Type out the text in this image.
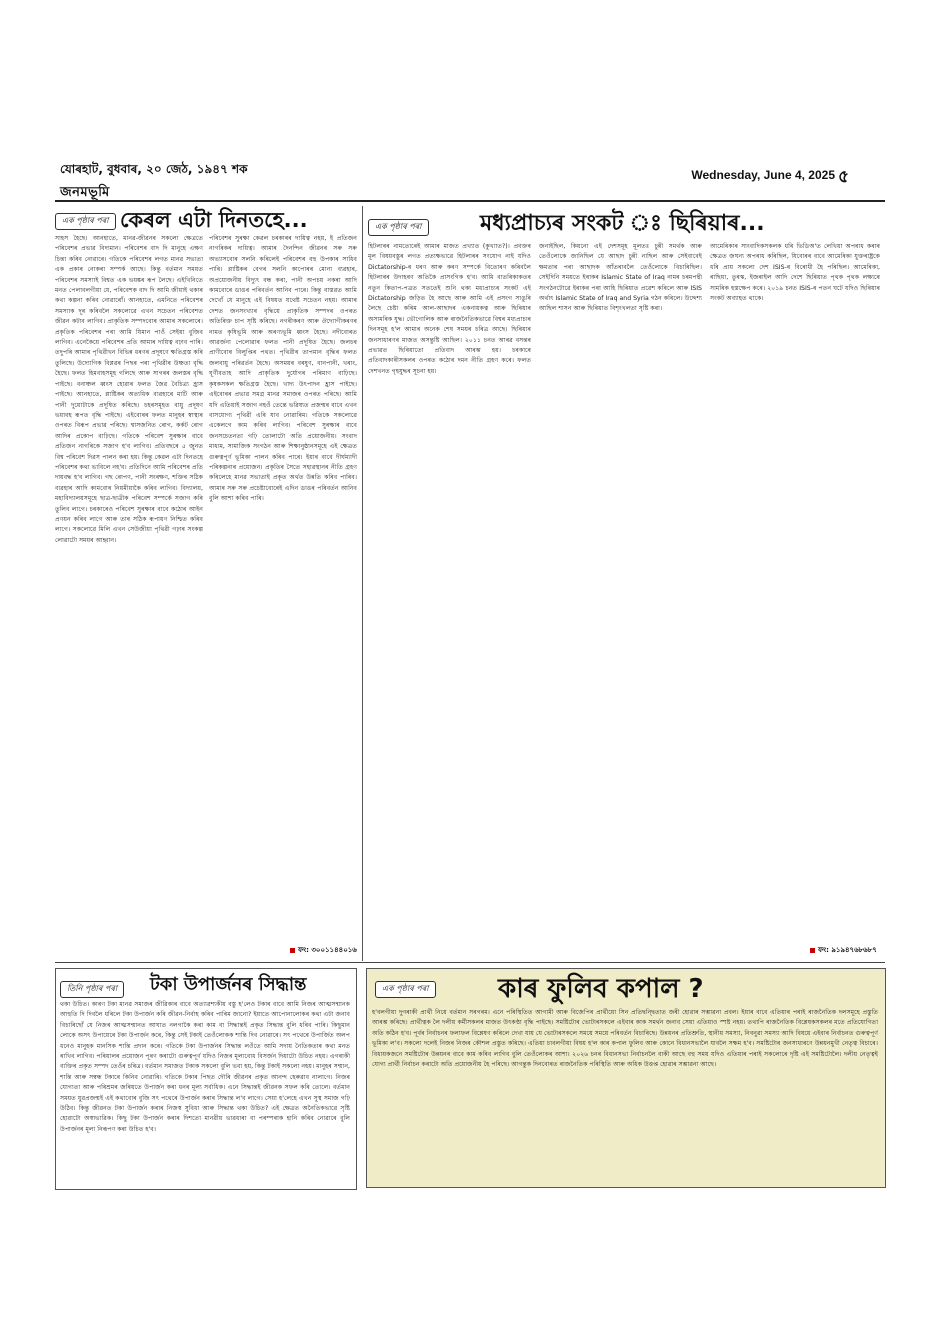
যোৰহাট, বুধবাৰ, ২০ জেঠ, ১৯৪৭ শক
জনমভূমি
Wednesday, June 4, 2025 ৫
এক পৃষ্ঠাৰ পৰা কেৰল এটা দিনতহে...
সাহস হৈছে। আনহাতে, মানৱ-জীৱনৰ সকলো ক্ষেত্ৰতে পৰিবেশৰ প্ৰভাৱ বিদ্যমান। পৰিবেশৰ বাদ দি মানুহে এক্ষণ চিন্তা কৰিব নোৱাৰে। গতিকে পৰিবেশৰ লগত মানৱ সভ্যতা এক প্ৰকাৰ নোকৰা সম্পৰ্ক আছে। কিন্তু বৰ্তমান সময়ত পৰিবেশৰ সমস্যাই বিশ্বত এক ভয়ঙ্কৰ ৰূপ লৈছে। এইখিনিতে মনত পেলাবলগীয়া যে, পৰিবেশক বাদ দি আমি জীয়াই থকাৰ কথা কল্পনা কৰিব নোৱাৰোঁ। আনহাতে, এমনিতে পৰিবেশৰ সমস্যাক দূৰ কৰিবলৈ সকলোৱে এখন সচেতন পৰিবেশত জীৱন কটাব লাগিব। প্ৰাকৃতিক সম্পদবোৰ আমাৰ সকলোৰে। প্ৰকৃতিক পৰিবেশৰ পৰা আমি যিমান পাওঁ সেইয়া বুজিব লাগিব। এনেকৈয়ে পৰিবেশৰ প্ৰতি আমাৰ দায়িত্ব বঢ়াব পাৰি। তদুপৰি আমাৰ পৃথিৱীখন বিভিন্ন ধৰণৰ প্ৰদূষণে ক্ষতিগ্ৰস্ত কৰি তুলিছে। উদ্যোগিক বিপ্লৱৰ পিছৰ পৰা পৃথিৱীৰ উষ্ণতা বৃদ্ধি হৈছে। ফলত হিমবাহসমূহ গলিছে আৰু সাগৰৰ জলস্তৰ বৃদ্ধি পাইছে। বনাঞ্চল ধ্বংস হোৱাৰ ফলত জৈৱ বৈচিত্ৰ্য হ্ৰাস পাইছে। আনহাতে, প্লাষ্টিকৰ অত্যধিক ব্যৱহাৰে মাটি আৰু পানী দুয়োটাকে প্ৰদূষিত কৰিছে। চহৰসমূহত বায়ু প্ৰদূষণ ভয়াবহ ৰূপত বৃদ্ধি পাইছে। এইবোৰৰ ফলত মানুহৰ স্বাস্থ্যৰ ওপৰত বিৰূপ প্ৰভাৱ পৰিছে। শ্বাসজনিত ৰোগ, কৰ্কট ৰোগ আদিৰ প্ৰকোপ বাঢ়িছে। গতিকে পৰিবেশ সুৰক্ষাৰ বাবে প্ৰতিজন নাগৰিকে সজাগ হ'ব লাগিব। প্ৰতিবছৰে ৫ জুনত বিশ্ব পৰিবেশ দিৱস পালন কৰা হয়। কিন্তু কেৱল এটা দিনতহে পৰিবেশৰ কথা ভাবিলে নহ'ব। প্ৰতিদিনে আমি পৰিবেশৰ প্ৰতি দায়বদ্ধ হ'ব লাগিব। গছ ৰোপণ, পানী সংৰক্ষণ, শক্তিৰ সঠিক ব্যৱহাৰ আদি কামবোৰ নিয়মীয়াকৈ কৰিব লাগিব। বিদ্যালয়, মহাবিদ্যালয়সমূহে ছাত্ৰ-ছাত্ৰীক পৰিবেশ সম্পৰ্কে সজাগ কৰি তুলিব লাগে। চৰকাৰেও পৰিবেশ সুৰক্ষাৰ বাবে কঠোৰ আইন প্ৰণয়ন কৰিব লাগে আৰু তাৰ সঠিক ৰূপায়ণ নিশ্চিত কৰিব লাগে। সকলোৱে মিলি এখন সেউজীয়া পৃথিৱী গঢ়াৰ সংকল্প লোৱাটো সময়ৰ আহ্বান।
পৰিবেশৰ সুৰক্ষা কেৱল চৰকাৰৰ দায়িত্ব নহয়, ই প্ৰতিজন নাগৰিকৰ দায়িত্ব। আমাৰ দৈনন্দিন জীৱনৰ সৰু সৰু অভ্যাসবোৰ সলনি কৰিলেই পৰিবেশৰ বহু উপকাৰ সাধিব পাৰি। প্লাষ্টিকৰ বেগৰ সলনি কাপোৰৰ মোনা ব্যৱহাৰ, অপ্ৰয়োজনীয় বিদ্যুৎ বন্ধ কৰা, পানী অপচয় নকৰা আদি কামবোৰে ডাঙৰ পৰিবৰ্তন আনিব পাৰে। কিন্তু বাস্তৱত আমি দেখোঁ যে মানুহে এই বিষয়ত যথেষ্ট সচেতন নহয়। আমাৰ দেশত জনসংখ্যাৰ বৃদ্ধিয়ে প্ৰাকৃতিক সম্পদৰ ওপৰত অতিৰিক্ত চাপ সৃষ্টি কৰিছে। নগৰীকৰণ আৰু ঔদ্যোগীকৰণৰ নামত কৃষিভূমি আৰু অৰণ্যভূমি ধ্বংস হৈছে। নদীবোৰত আৱৰ্জনা পেলোৱাৰ ফলত পানী প্ৰদূষিত হৈছে। জলচৰ প্ৰাণীবোৰ বিলুপ্তিৰ পথত। পৃথিৱীৰ তাপমান বৃদ্ধিৰ ফলত জলবায়ু পৰিৱৰ্তন হৈছে। অসময়ৰ বৰষুণ, বানপানী, খৰাং, ঘূৰ্ণীবতাহ আদি প্ৰাকৃতিক দুৰ্যোগৰ পৰিমাণ বাঢ়িছে। কৃষকসকল ক্ষতিগ্ৰস্ত হৈছে। খাদ্য উৎপাদন হ্ৰাস পাইছে। এইবোৰৰ প্ৰভাৱ সমগ্ৰ মানৱ সমাজৰ ওপৰত পৰিছে। আমি যদি এতিয়াই সজাগ নহওঁ তেন্তে ভৱিষ্যত প্ৰজন্মৰ বাবে এখন বাসযোগ্য পৃথিৱী এৰি যাব নোৱাৰিম। গতিকে সকলোৱে একেলগে কাম কৰিব লাগিব। পৰিবেশ সুৰক্ষাৰ বাবে জনসচেতনতা গঢ়ি তোলাটো অতি প্ৰয়োজনীয়। সংবাদ মাধ্যম, সামাজিক সংগঠন আৰু শিক্ষানুষ্ঠানসমূহে এই ক্ষেত্ৰত গুৰুত্বপূৰ্ণ ভূমিকা পালন কৰিব পাৰে। ইয়াৰ বাবে দীৰ্ঘম্যাদী পৰিকল্পনাৰ প্ৰয়োজন। প্ৰকৃতিৰ সৈতে সহাৱস্থানৰ নীতি গ্ৰহণ কৰিলেহে মানৱ সভ্যতাই প্ৰকৃত অৰ্থত উন্নতি কৰিব পাৰিব। আমাৰ সৰু সৰু প্ৰচেষ্টাবোৰেই এদিন ডাঙৰ পৰিবৰ্তন আনিব বুলি আশা কৰিব পাৰি।
ফং: ৩০০১১৪৪০১৬
এক পৃষ্ঠাৰ পৰা	মধ্যপ্ৰাচ্যৰ সংকট ঃ ছিৰিয়াৰ...
হিটলাৰৰ নামতোৰেই আমাৰ মাজত প্ৰখ্যাত (কুখ্যাত?)। প্ৰবক্তৰ মূল বিষয়বস্তুৰ লগত প্ৰত্যক্ষভাৱে হিটলাৰৰ সংযোগ নাই যদিও Dictatorship-ৰ ধৰণ আৰু কৰণ সম্পৰ্কে বিতোৰণ কৰিবলৈ হিটলাৰৰ উদাহৰণ অতিকৈ প্ৰাসংগিক হ'ব। আমি বাতৰিকাকতৰ নতুন কিতাপ-পত্ৰত সততেই শুনি থকা মধ্যপ্ৰাচ্যৰ সংকট এই Dictatorship জড়িত হৈ আছে আৰু আমি এই প্ৰসংগ সাঙুৰি লৈছে চেষ্টা কৰিম আল-আছাদৰ একনায়কত্ব আৰু ছিৰিয়াৰ অসামৰিক যুদ্ধ। ভৌগোলিক আৰু ৰাজনৈতিকভাৱে বিশ্বৰ মধ্যপ্ৰাচ্যৰ দিনসমূহ হ'ল আমাৰ অনেক শেষ সময়ৰ চৰিত্ৰ আছে। ছিৰিয়াৰ জনসাধাৰণৰ মাজত অসন্তুষ্টি আছিল। ২০১১ চনত আৰৱ বসন্তৰ প্ৰভাৱত ছিৰিয়াতো প্ৰতিবাদ আৰম্ভ হয়। চৰকাৰে প্ৰতিবাদকাৰীসকলৰ ওপৰত কঠোৰ দমন নীতি গ্ৰহণ কৰে। ফলত দেশখনত গৃহযুদ্ধৰ সূচনা হয়।
জনাইছিল, কিয়নো এই দেশসমূহ মূলতঃ চুন্নী সমৰ্থক আৰু তেওঁলোকে জানিছিল যে আছাদ চুন্নী নাছিল আৰু সেইবাবেই ক্ষমতাৰ পৰা আছাদক আঁতৰাবলৈ তেওঁলোকে বিচাৰিছিল। সেইদিনি সময়তে ইৰাকৰ Islamic State of Iraq নামৰ চৰমপন্থী সংগঠনটোৱে ইৰাকৰ পৰা আহি ছিৰিয়াত প্ৰৱেশ কৰিলে আৰু ISIS অৰ্থাৎ Islamic State of Iraq and Syria গঠন কৰিলে। উদ্দেশ্য আছিল শাসন আৰু ছিৰিয়াত বিশৃংখলতা সৃষ্টি কৰা।
আমেৰিকাৰ সাংবাদিকসকলক ধৰি ভিডিঅ'ত লেখিয়া অপৰাধ কৰাৰ ক্ষেত্ৰত জঘন্য অপৰাধ কৰিছিল, যিবোৰৰ বাবে আমেৰিকা যুক্তৰাষ্ট্ৰকে ধৰি প্ৰায় সকলো দেশ ISIS-ৰ বিৰোধী হৈ পৰিছিল। আমেৰিকা, ৰাছিয়া, তুৰস্ক, ইজৰাইল আদি দেশে ছিৰিয়াত পৃথক পৃথক লক্ষ্যৰে সামৰিক হস্তক্ষেপ কৰে। ২০১৯ চনত ISIS-ৰ পতন ঘটে যদিও ছিৰিয়াৰ সংকট অব্যাহত থাকে।
ফং: ৯১৯৪৭৬৮৬৮৭
তিনি পৃষ্ঠাৰ পৰা	টকা উপাৰ্জনৰ সিদ্ধান্ত
থকা উচিত। কাৰণ টকা মানৱ সমাজৰ জীৱিকাৰ বাবে অত্যাৱশ্যকীয় বস্তু হ'লেও টকাৰ বাবে আমি নিজৰ আত্মসন্মানক আহুতি দি দিবলৈ ধৰিলে টকা উপাৰ্জন কৰি জীৱন-নিৰ্বাহ কৰিব পাৰিম জানো? ইয়াতে আপোনালোকৰ কথা এটা জনাব বিচাৰিছোঁ যে নিজৰ আত্মসন্মানত আঘাত নলগাকৈ কৰা কাম বা সিদ্ধান্তই প্ৰকৃত সিদ্ধান্ত বুলি ধৰিব পাৰি। কিছুমান লোকে অসৎ উপায়েৰে টকা উপাৰ্জন কৰে, কিন্তু সেই টকাই তেওঁলোকক শান্তি দিব নোৱাৰে। সৎ পথেৰে উপাৰ্জিত অলপ ধনেও মানুহক মানসিক শান্তি প্ৰদান কৰে। গতিকে টকা উপাৰ্জনৰ সিদ্ধান্ত লওঁতে আমি সদায় নৈতিকতাৰ কথা মনত ৰাখিব লাগিব। পৰিয়ালৰ প্ৰয়োজন পূৰণ কৰাটো গুৰুত্বপূৰ্ণ যদিও নিজৰ মূল্যবোধ বিসৰ্জন দিয়াটো উচিত নহয়। এগৰাকী ব্যক্তিৰ প্ৰকৃত সম্পদ তেওঁৰ চৰিত্ৰ। বৰ্তমান সমাজত টকাক সকলো বুলি ভবা হয়, কিন্তু টকাই সকলো নহয়। মানুহৰ সন্মান, শান্তি আৰু সম্বন্ধ টকাৰে কিনিব নোৱাৰি। গতিকে টকাৰ পিছত দৌৰি জীৱনৰ প্ৰকৃত আনন্দ হেৰুৱাব নালাগে। নিজৰ যোগ্যতা আৰু পৰিশ্ৰমৰ জৰিয়তে উপাৰ্জন কৰা ধনৰ মূল্য সৰ্বাধিক। এনে সিদ্ধান্তই জীৱনক সফল কৰি তোলে। বৰ্তমান সময়ত যুৱপ্ৰজন্মই এই কথাবোৰ বুজি সৎ পথেৰে উপাৰ্জন কৰাৰ সিদ্ধান্ত ল'ব লাগে। সেয়া হ'লেহে এখন সুস্থ সমাজ গঢ়ি উঠিব। কিন্তু জীৱনত টকা উপাৰ্জন কৰাৰ নিজস্ব সুবিধা আৰু সিদ্ধান্ত থকা উচিত? এই ক্ষেত্ৰত অনৈতিকভাৱে সৃষ্টি হোৱাটো অস্বাভাৱিক। কিছু টকা উপাৰ্জন কৰাৰ দিশতো মানৱীয় ভাৱধাৰা বা পৰম্পৰাক হানি কৰিব নোৱাৰে বুলি উপাৰ্জনৰ মূল্য নিৰূপণ কৰা উচিত হ'ব।
এক পৃষ্ঠাৰ পৰা	কাৰ ফুলিব কপাল ?
হ'বলগীয়া দুগৰাকী প্ৰাৰ্থী নিয়ে বৰ্তমান সৰগৰম। এনে পৰিস্থিতিত আগামী আৰু বিজেপিৰ প্ৰাৰ্থীয়ো সিন প্ৰতিদ্বন্দ্বিতাত জৰী হোৱাৰ সম্ভাৱনা প্ৰবল। ইয়াৰ বাবে এতিয়াৰ পৰাই ৰাজনৈতিক দলসমূহে প্ৰস্তুতি আৰম্ভ কৰিছে। প্ৰাৰ্থীত্বক লৈ দলীয় কৰ্মীসকলৰ মাজত উৎকণ্ঠা বৃদ্ধি পাইছে। সমষ্টিটোৰ ভোটাৰসকলে এইবাৰ কাক সমৰ্থন জনাব সেয়া এতিয়াও স্পষ্ট নহয়। তথাপি ৰাজনৈতিক বিশ্লেষকসকলৰ মতে প্ৰতিযোগিতা অতি কঠিন হ'ব। পূৰ্বৰ নিৰ্বাচনৰ ফলাফল বিশ্লেষণ কৰিলে দেখা যায় যে ভোটাৰসকলে সময়ে সময়ে পৰিবৰ্তন বিচাৰিছে। উন্নয়নৰ প্ৰতিশ্ৰুতি, স্থানীয় সমস্যা, নিবনুৱা সমস্যা আদি বিষয়ে এইবাৰ নিৰ্বাচনত গুৰুত্বপূৰ্ণ ভূমিকা ল'ব। সকলো দলেই নিজৰ নিজৰ কৌশল প্ৰস্তুত কৰিছে। এতিয়া চাবলগীয়া বিষয় হ'ল কাৰ কপাল ফুলিব আৰু কোনে বিধানসভালৈ যাবলৈ সক্ষম হ'ব। সমষ্টিটোৰ জনসাধাৰণে উন্নয়নমুখী নেতৃত্ব বিচাৰে। বিধায়কজনে সমষ্টিটোৰ উন্নয়নৰ বাবে কাম কৰিব লাগিব বুলি তেওঁলোকৰ আশা। ২০২৬ চনৰ বিধানসভা নিৰ্বাচনলৈ বাকী আছে বহু সময় যদিও এতিয়াৰ পৰাই সকলোৰে দৃষ্টি এই সমষ্টিটোলৈ। দলীয় নেতৃত্বই যোগ্য প্ৰাৰ্থী নিৰ্বাচন কৰাটো অতি প্ৰয়োজনীয় হৈ পৰিছে। আগন্তুক দিনবোৰত ৰাজনৈতিক পৰিস্থিতি আৰু অধিক উত্তপ্ত হোৱাৰ সম্ভাৱনা আছে।
